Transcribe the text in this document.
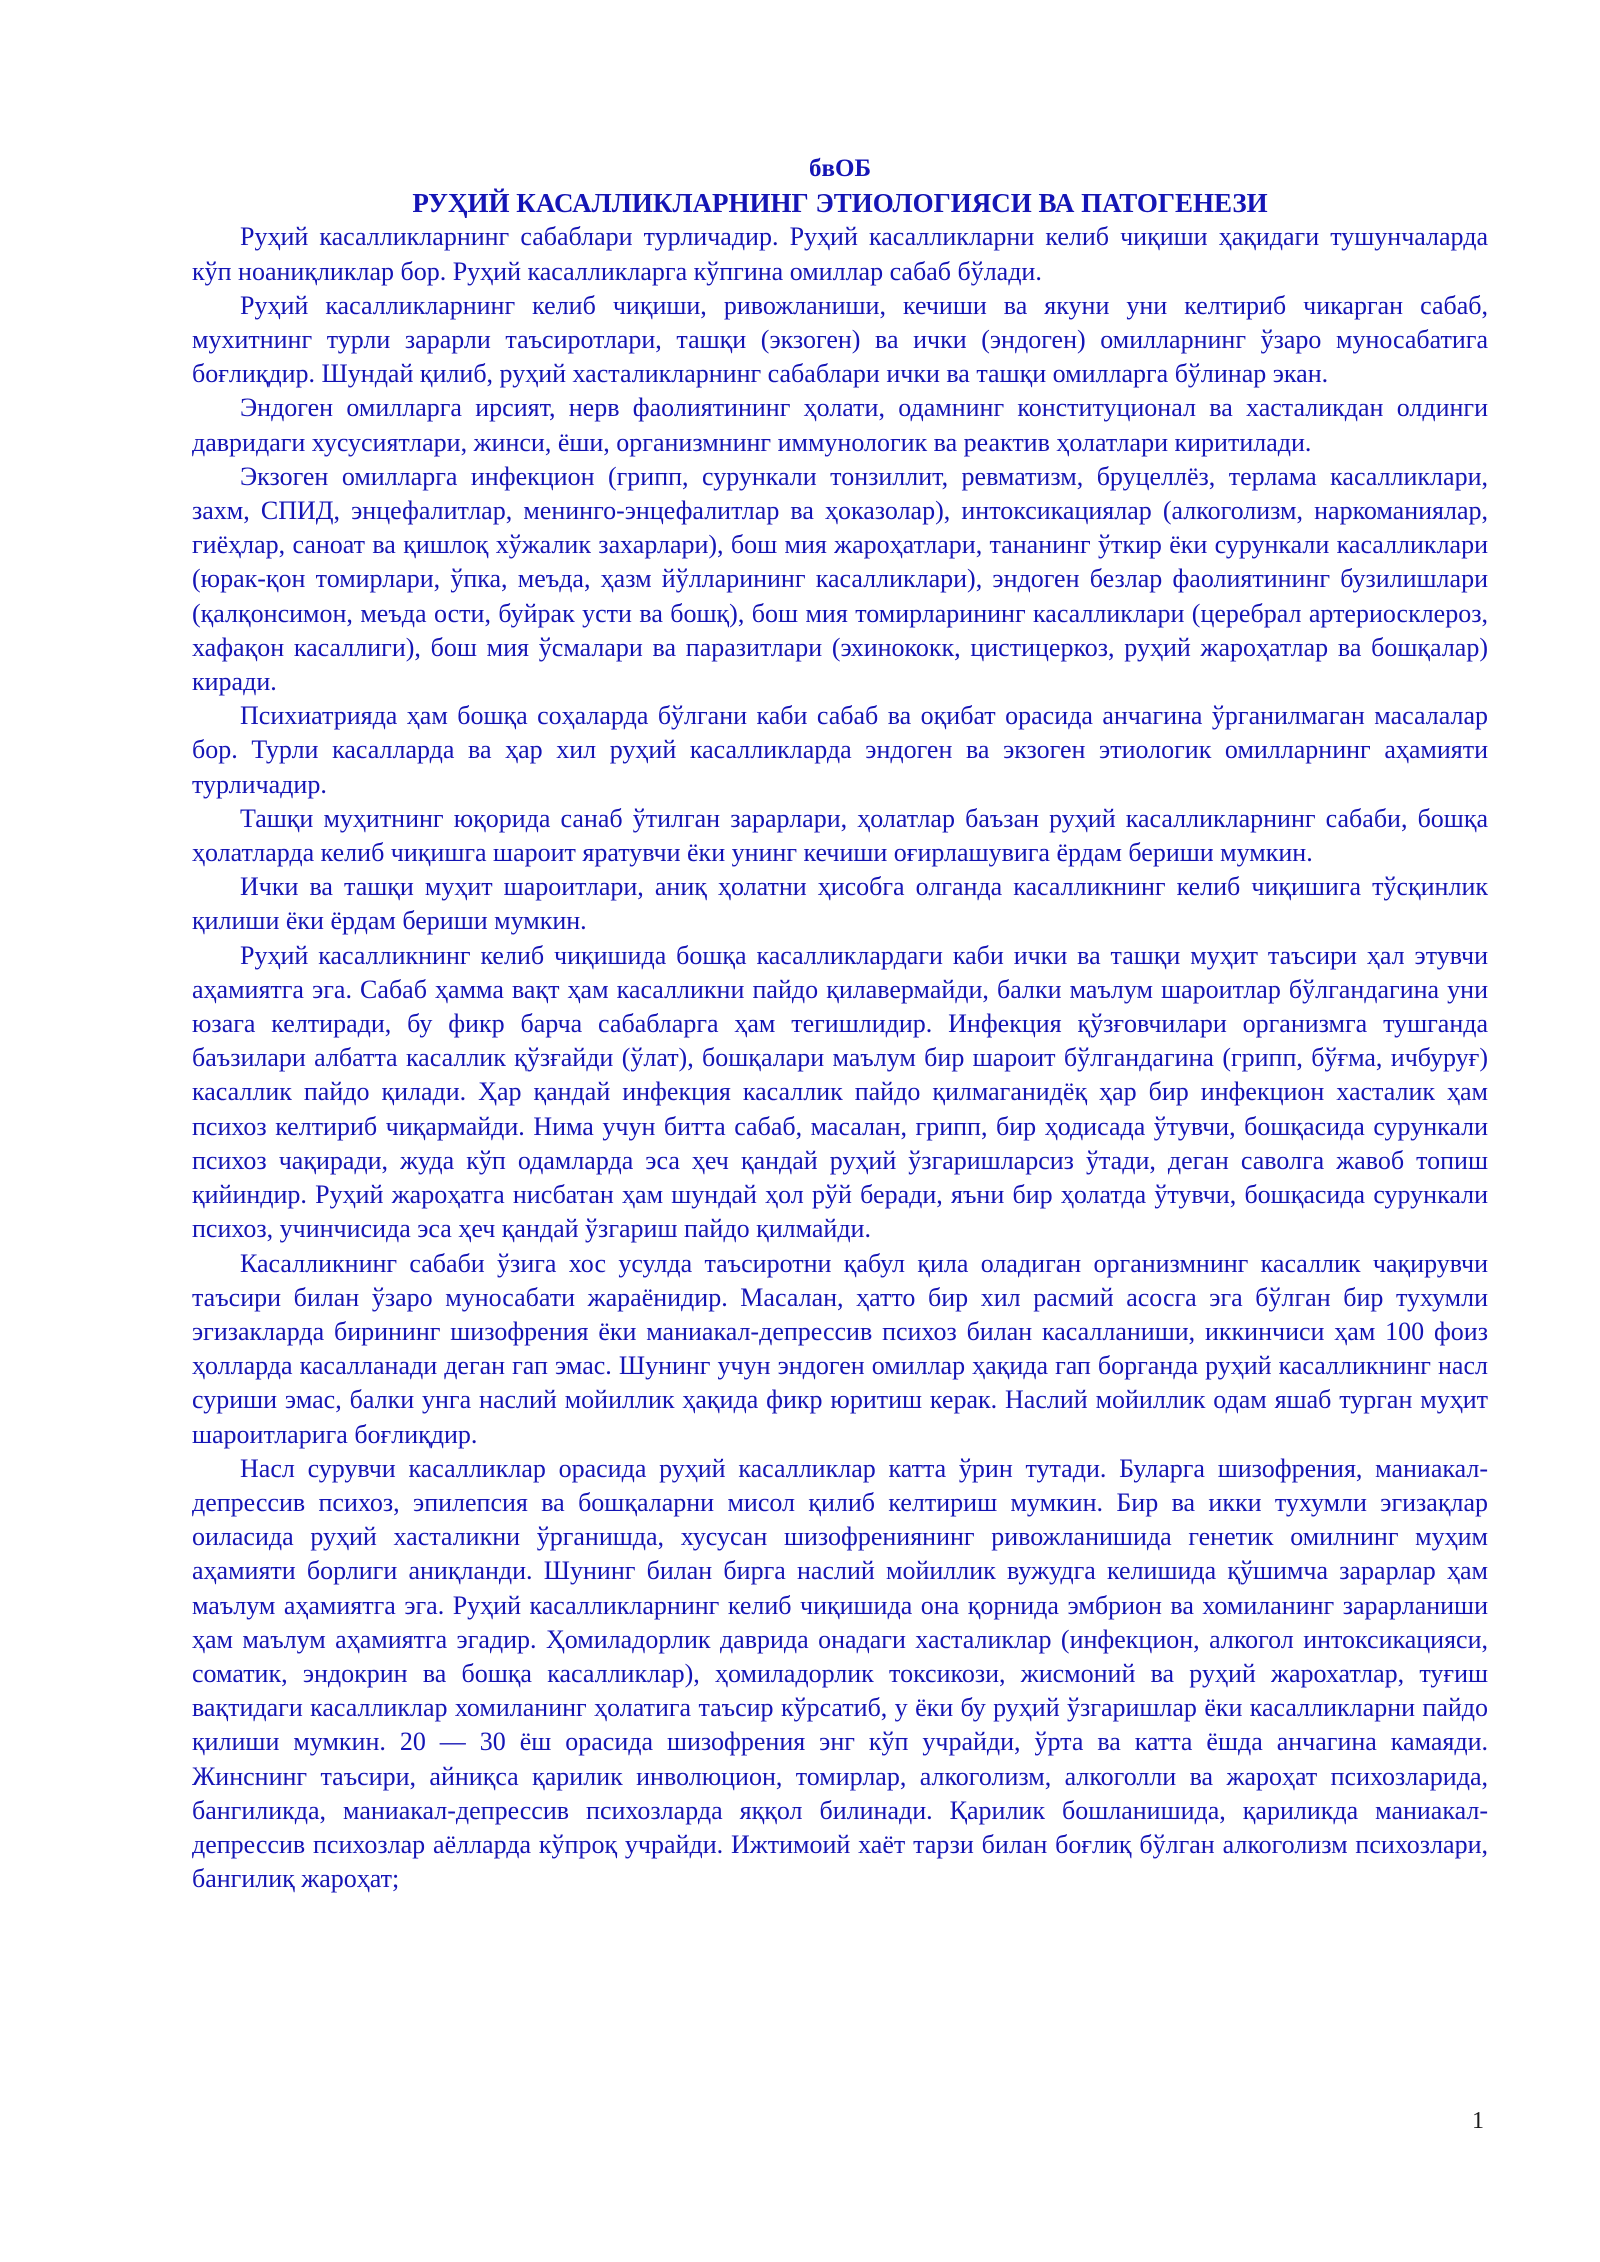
бвОБ

РУҲИЙ КАСАЛЛИКЛАРНИНГ ЭТИОЛОГИЯСИ ВА ПАТОГЕНЕЗИ

Руҳий касалликларнинг сабаблари турличадир. Руҳий касалликларни келиб чиқиши ҳақидаги тушунчаларда кўп ноаниқликлар бор. Руҳий касалликларга кўпгина омиллар сабаб бўлади.

Руҳий касалликларнинг келиб чиқиши, ривожланиши, кечиши ва якуни уни келтириб чикарган сабаб, мухитнинг турли зарарли таъсиротлари, ташқи (экзоген) ва ички (эндоген) омилларнинг ўзаро муносабатига боғлиқдир. Шундай қилиб, руҳий хасталикларнинг сабаблари ички ва ташқи омилларга бўлинар экан.

Эндоген омилларга ирсият, нерв фаолиятининг ҳолати, одамнинг конституционал ва хасталикдан олдинги давридаги хусусиятлари, жинси, ёши, организмнинг иммунологик ва реактив ҳолатлари киритилади.

Экзоген омилларга инфекцион (грипп, сурункали тонзиллит, ревматизм, бруцеллёз, терлама касалликлари, захм, СПИД, энцефалитлар, менинго-энцефалитлар ва ҳоказолар), интоксикациялар (алкоголизм, наркоманиялар, гиёҳлар, саноат ва қишлоқ хўжалик захарлари), бош мия жароҳатлари, тананинг ўткир ёки сурункали касалликлари (юрак-қон томирлари, ўпка, меъда, ҳазм йўлларининг касалликлари), эндоген безлар фаолиятининг бузилишлари (қалқонсимон, меъда ости, буйрак усти ва бошқ), бош мия томирларининг касалликлари (церебрал артериосклероз, хафақон касаллиги), бош мия ўсмалари ва паразитлари (эхинококк, цистицеркоз, руҳий жароҳатлар ва бошқалар) киради.

Психиатрияда ҳам бошқа соҳаларда бўлгани каби сабаб ва оқибат орасида анчагина ўрганилмаган масалалар бор. Турли касалларда ва ҳар хил руҳий касалликларда эндоген ва экзоген этиологик омилларнинг аҳамияти турличадир.

Ташқи муҳитнинг юқорида санаб ўтилган зарарлари, ҳолатлар баъзан руҳий касалликларнинг сабаби, бошқа ҳолатларда келиб чиқишга шароит яратувчи ёки унинг кечиши оғирлашувига ёрдам бериши мумкин.

Ички ва ташқи муҳит шароитлари, аниқ ҳолатни ҳисобга олганда касалликнинг келиб чиқишига тўсқинлик қилиши ёки ёрдам бериши мумкин.

Руҳий касалликнинг келиб чиқишида бошқа касалликлардаги каби ички ва ташқи муҳит таъсири ҳал этувчи аҳамиятга эга. Сабаб ҳамма вақт ҳам касалликни пайдо қилавермайди, балки маълум шароитлар бўлгандагина уни юзага келтиради, бу фикр барча сабабларга ҳам тегишлидир. Инфекция қўзғовчилари организмга тушганда баъзилари албатта касаллик қўзғайди (ўлат), бошқалари маълум бир шароит бўлгандагина (грипп, бўғма, ичбуруғ) касаллик пайдо қилади. Ҳар қандай инфекция касаллик пайдо қилмаганидёқ ҳар бир инфекцион хасталик ҳам психоз келтириб чиқармайди. Нима учун битта сабаб, масалан, грипп, бир ҳодисада ўтувчи, бошқасида сурункали психоз чақиради, жуда кўп одамларда эса ҳеч қандай руҳий ўзгаришларсиз ўтади, деган саволга жавоб топиш қийиндир. Руҳий жароҳатга нисбатан ҳам шундай ҳол рўй беради, яъни бир ҳолатда ўтувчи, бошқасида сурункали психоз, учинчисида эса ҳеч қандай ўзгариш пайдо қилмайди.

Касалликнинг сабаби ўзига хос усулда таъсиротни қабул қила оладиган организмнинг касаллик чақирувчи таъсири билан ўзаро муносабати жараёнидир. Масалан, ҳатто бир хил расмий асосга эга бўлган бир тухумли эгизакларда бирининг шизофрения ёки маниакал-депрессив психоз билан касалланиши, иккинчиси ҳам 100 фоиз ҳолларда касалланади деган гап эмас. Шунинг учун эндоген омиллар ҳақида гап борганда руҳий касалликнинг насл суриши эмас, балки унга наслий мойиллик ҳақида фикр юритиш керак. Наслий мойиллик одам яшаб турган муҳит шароитларига боғлиқдир.

Насл сурувчи касалликлар орасида руҳий касалликлар катта ўрин тутади. Буларга шизофрения, маниакал-депрессив психоз, эпилепсия ва бошқаларни мисол қилиб келтириш мумкин. Бир ва икки тухумли эгизақлар оиласида руҳий хасталикни ўрганишда, хусусан шизофрениянинг ривожланишида генетик омилнинг муҳим аҳамияти борлиги аниқланди. Шунинг билан бирга наслий мойиллик вужудга келишида қўшимча зарарлар ҳам маълум аҳамиятга эга. Руҳий касалликларнинг келиб чиқишида она қорнида эмбрион ва хомиланинг зарарланиши ҳам маълум аҳамиятга эгадир. Ҳомиладорлик даврида онадаги хасталиклар (инфекцион, алкогол интоксикацияси, соматик, эндокрин ва бошқа касалликлар), ҳомиладорлик токсикози, жисмоний ва руҳий жарохатлар, туғиш вақтидаги касалликлар хомиланинг ҳолатига таъсир кўрсатиб, у ёки бу руҳий ўзгаришлар ёки касалликларни пайдо қилиши мумкин. 20 — 30 ёш орасида шизофрения энг кўп учрайди, ўрта ва катта ёшда анчагина камаяди. Жинснинг таъсири, айниқса қарилик инволюцион, томирлар, алкоголизм, алкоголли ва жароҳат психозларида, бангиликда, маниакал-депрессив психозларда яққол билинади. Қарилик бошланишида, қариликда маниакал-депрессив психозлар аёлларда кўпроқ учрайди. Ижтимоий хаёт тарзи билан боғлиқ бўлган алкоголизм психозлари, бангилиқ жароҳат;

1
